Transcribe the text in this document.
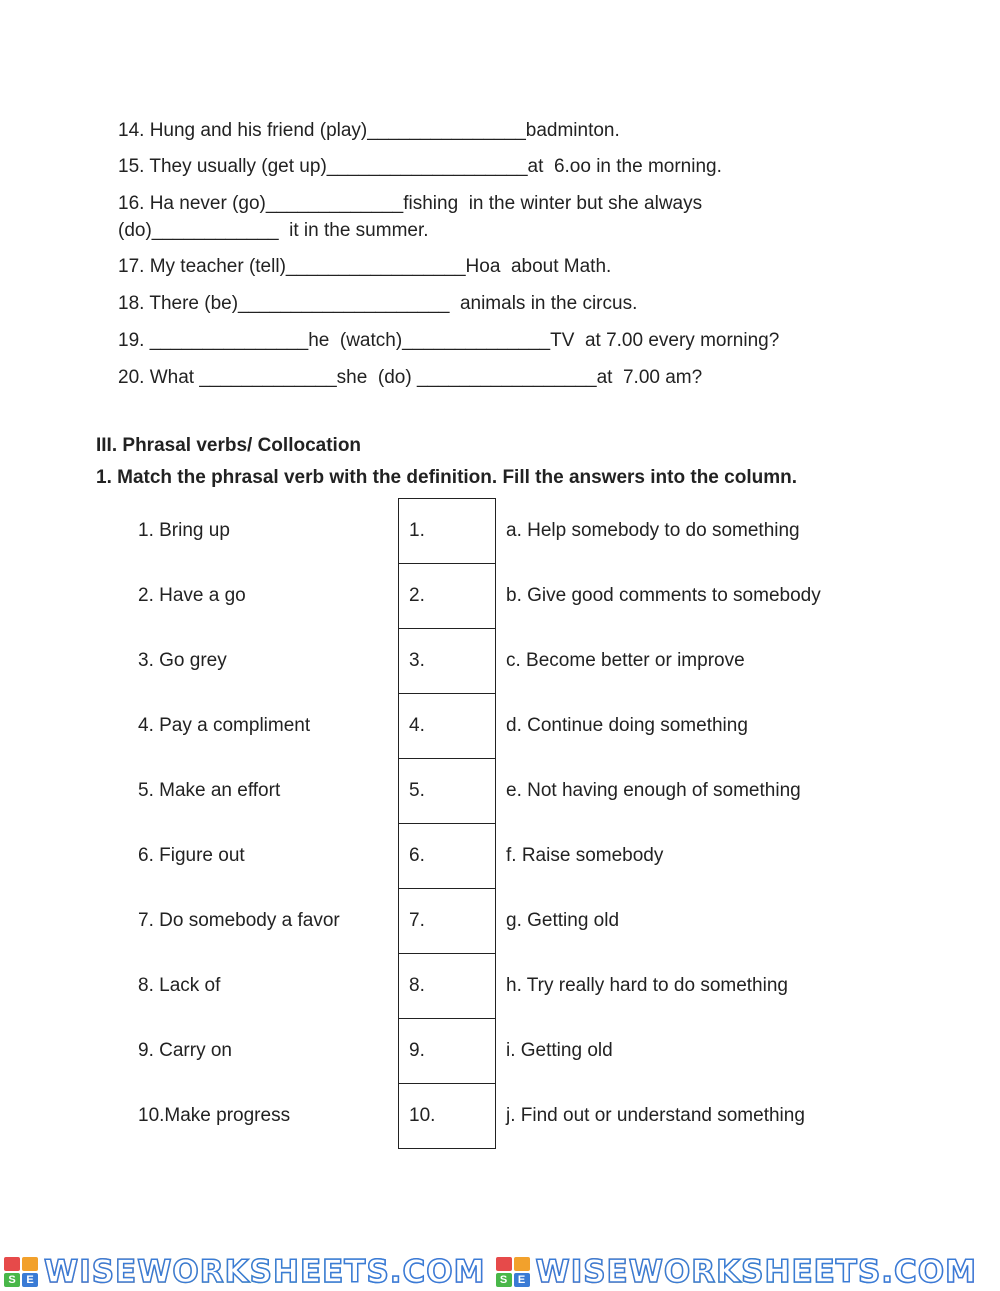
14. Hung and his friend (play)_______________badminton.
15. They usually (get up)___________________at  6.oo in the morning.
16. Ha never (go)_____________fishing  in the winter but she always
(do)____________  it in the summer.
17. My teacher (tell)_________________Hoa  about Math.
18. There (be)____________________  animals in the circus.
19. _______________he  (watch)______________TV  at 7.00 every morning?
20. What _____________she  (do) _________________at  7.00 am?
III. Phrasal verbs/ Collocation
1. Match the phrasal verb with the definition. Fill the answers into the column.
1. Bring up	1.	a. Help somebody to do something
2. Have a go	2.	b. Give good comments to somebody
3. Go grey	3.	c. Become better or improve
4. Pay a compliment	4.	d. Continue doing something
5. Make an effort	5.	e. Not having enough of something
6. Figure out	6.	f. Raise somebody
7. Do somebody a favor	7.	g. Getting old
8. Lack of	8.	h. Try really hard to do something
9. Carry on	9.	i. Getting old
10.Make progress	10.	j. Find out or understand something
S E WISEWORKSHEETS.COM	S E WISEWORKSHEETS.COM
